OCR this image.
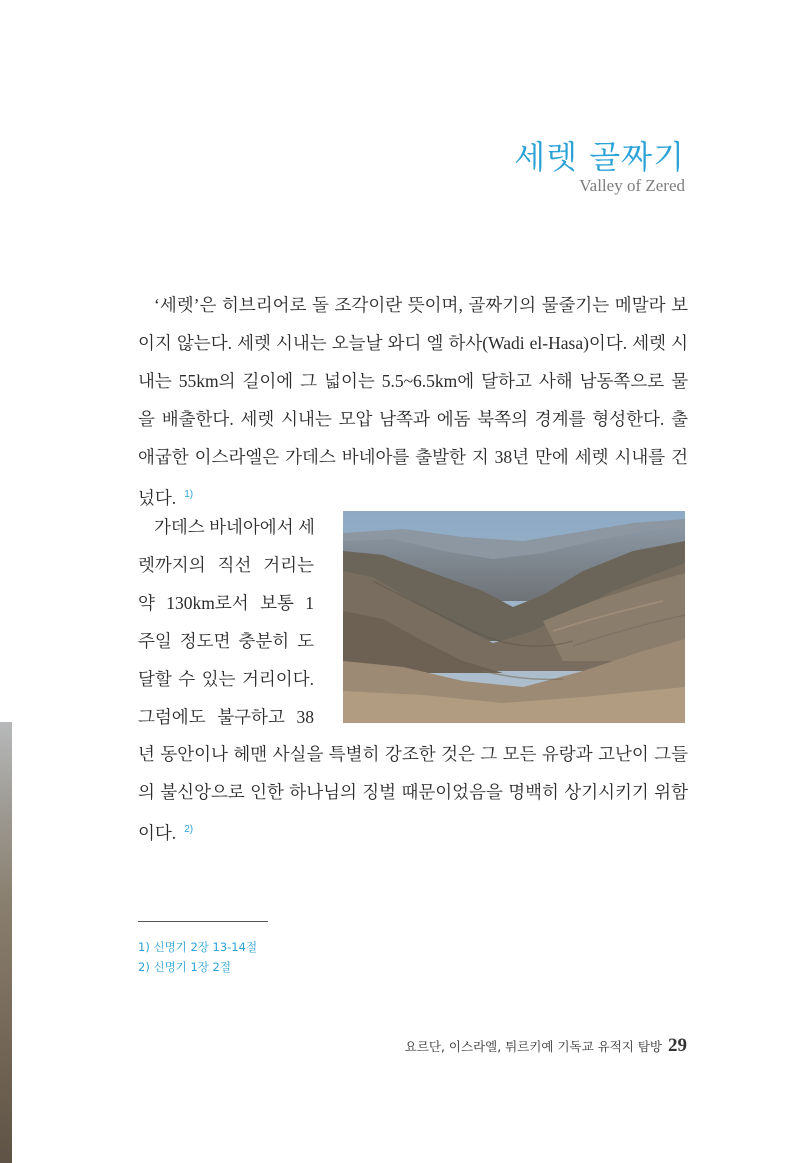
세렛 골짜기
Valley of Zered
‘세렛’은 히브리어로 돌 조각이란 뜻이며, 골짜기의 물줄기는 메말라 보
이지 않는다. 세렛 시내는 오늘날 와디 엘 하사(Wadi el-Hasa)이다. 세렛 시
내는 55km의 길이에 그 넓이는 5.5~6.5km에 달하고 사해 남동쪽으로 물
을 배출한다. 세렛 시내는 모압 남쪽과 에돔 북쪽의 경계를 형성한다. 출
애굽한 이스라엘은 가데스 바네아를 출발한 지 38년 만에 세렛 시내를 건
넜다. $^{1)}$
가데스 바네아에서 세
렛까지의 직선 거리는
약 130km로서 보통 1
주일 정도면 충분히 도
달할 수 있는 거리이다.
그럼에도 불구하고 38
년 동안이나 헤맨 사실을 특별히 강조한 것은 그 모든 유랑과 고난이 그들
의 불신앙으로 인한 하나님의 징벌 때문이었음을 명백히 상기시키기 위함
이다. $^{2)}$
1) 신명기 2장 13-14절
2) 신명기 1장 2절
요르단, 이스라엘, 튀르키예 기독교 유적지 탐방 29
